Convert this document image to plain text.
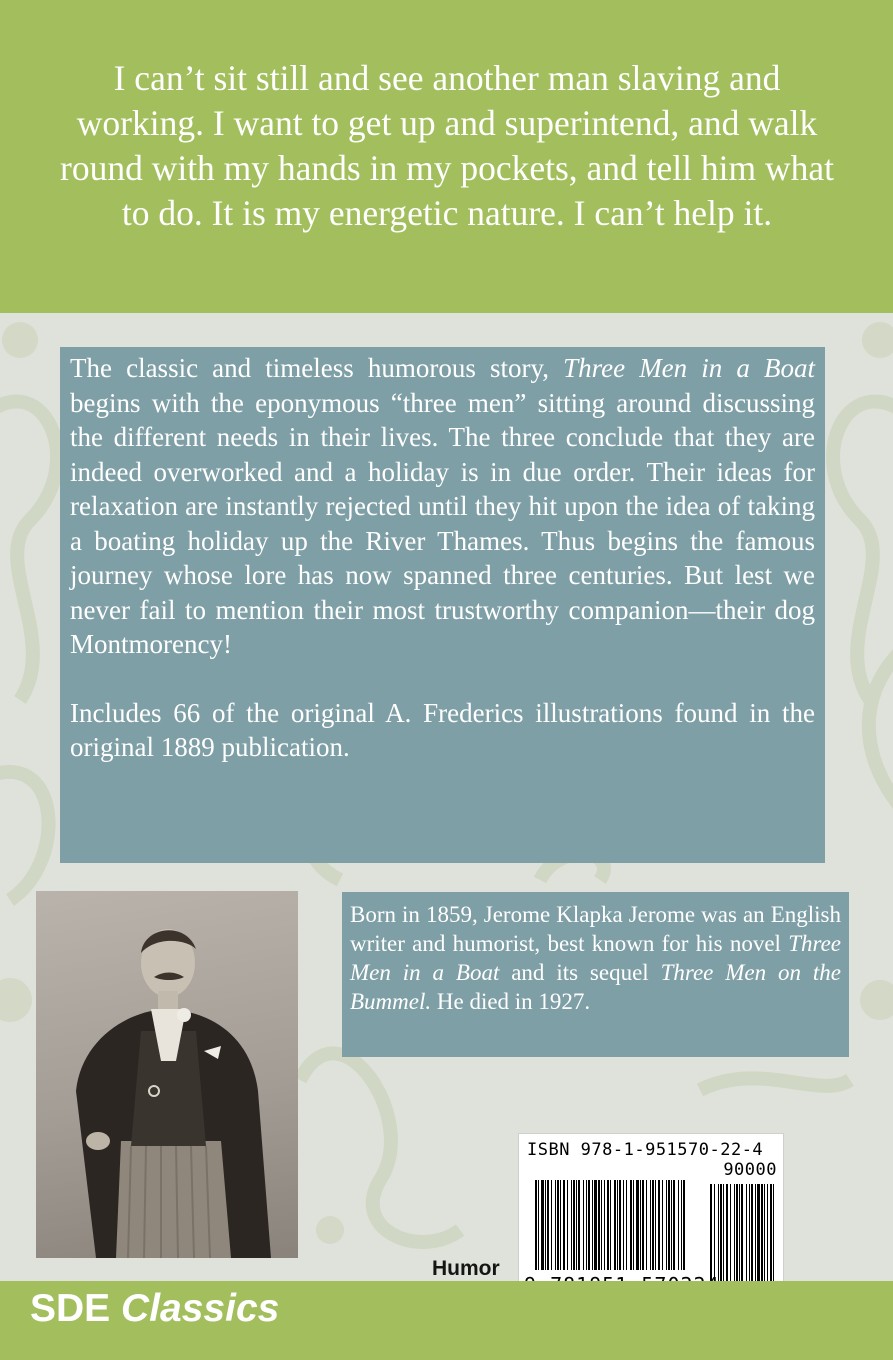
I can’t sit still and see another man slaving and working. I want to get up and superintend, and walk round with my hands in my pockets, and tell him what to do. It is my energetic nature. I can’t help it.

The classic and timeless humorous story, Three Men in a Boat begins with the eponymous “three men” sitting around discussing the different needs in their lives. The three conclude that they are indeed overworked and a holiday is in due order. Their ideas for relaxation are instantly rejected until they hit upon the idea of taking a boating holiday up the River Thames. Thus begins the famous journey whose lore has now spanned three centuries. But lest we never fail to mention their most trustworthy companion—their dog Montmorency!

Includes 66 of the original A. Frederics illustrations found in the original 1889 publication.

Born in 1859, Jerome Klapka Jerome was an English writer and humorist, best known for his novel Three Men in a Boat and its sequel Three Men on the Bummel. He died in 1927.

Humor
ISBN 978-1-951570-22-4
90000
SDE Classics
